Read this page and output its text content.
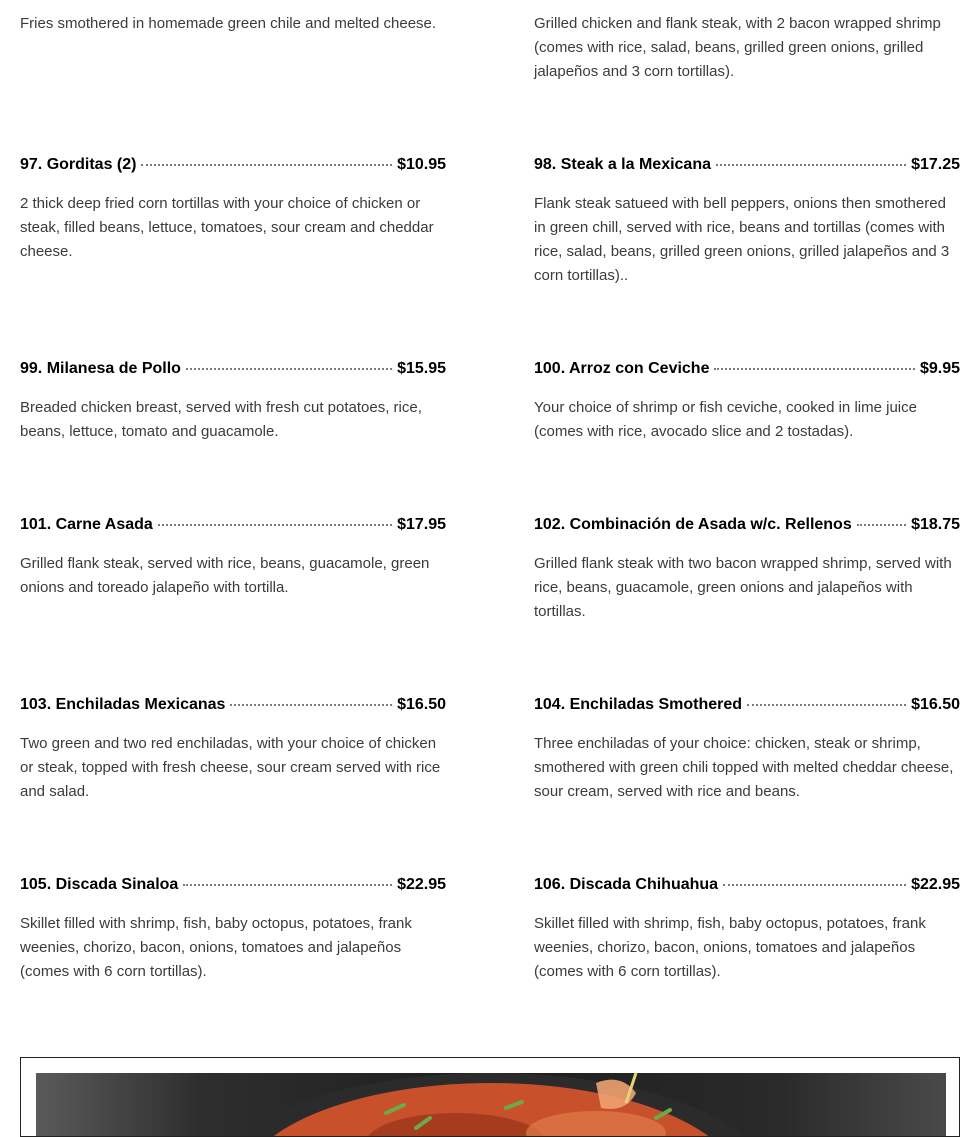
Fries smothered in homemade green chile and melted cheese.	Grilled chicken and flank steak, with 2 bacon wrapped shrimp (comes with rice, salad, beans, grilled green onions, grilled jalapeños and 3 corn tortillas).

97. Gorditas (2)	$10.95

2 thick deep fried corn tortillas with your choice of chicken or steak, filled beans, lettuce, tomatoes, sour cream and cheddar cheese.

98. Steak a la Mexicana	$17.25

Flank steak satueed with bell peppers, onions then smothered in green chill, served with rice, beans and tortillas (comes with rice, salad, beans, grilled green onions, grilled jalapeños and 3 corn tortillas)..

99. Milanesa de Pollo	$15.95

Breaded chicken breast, served with fresh cut potatoes, rice, beans, lettuce, tomato and guacamole.

100. Arroz con Ceviche	$9.95

Your choice of shrimp or fish ceviche, cooked in lime juice (comes with rice, avocado slice and 2 tostadas).

101. Carne Asada	$17.95

Grilled flank steak, served with rice, beans, guacamole, green onions and toreado jalapeño with tortilla.

102. Combinación de Asada w/c. Rellenos	$18.75

Grilled flank steak with two bacon wrapped shrimp, served with rice, beans, guacamole, green onions and jalapeños with tortillas.

103. Enchiladas Mexicanas	$16.50

Two green and two red enchiladas, with your choice of chicken or steak, topped with fresh cheese, sour cream served with rice and salad.

104. Enchiladas Smothered	$16.50

Three enchiladas of your choice: chicken, steak or shrimp, smothered with green chili topped with melted cheddar cheese, sour cream, served with rice and beans.

105. Discada Sinaloa	$22.95

Skillet filled with shrimp, fish, baby octopus, potatoes, frank weenies, chorizo, bacon, onions, tomatoes and jalapeños (comes with 6 corn tortillas).

106. Discada Chihuahua	$22.95

Skillet filled with shrimp, fish, baby octopus, potatoes, frank weenies, chorizo, bacon, onions, tomatoes and jalapeños (comes with 6 corn tortillas).
